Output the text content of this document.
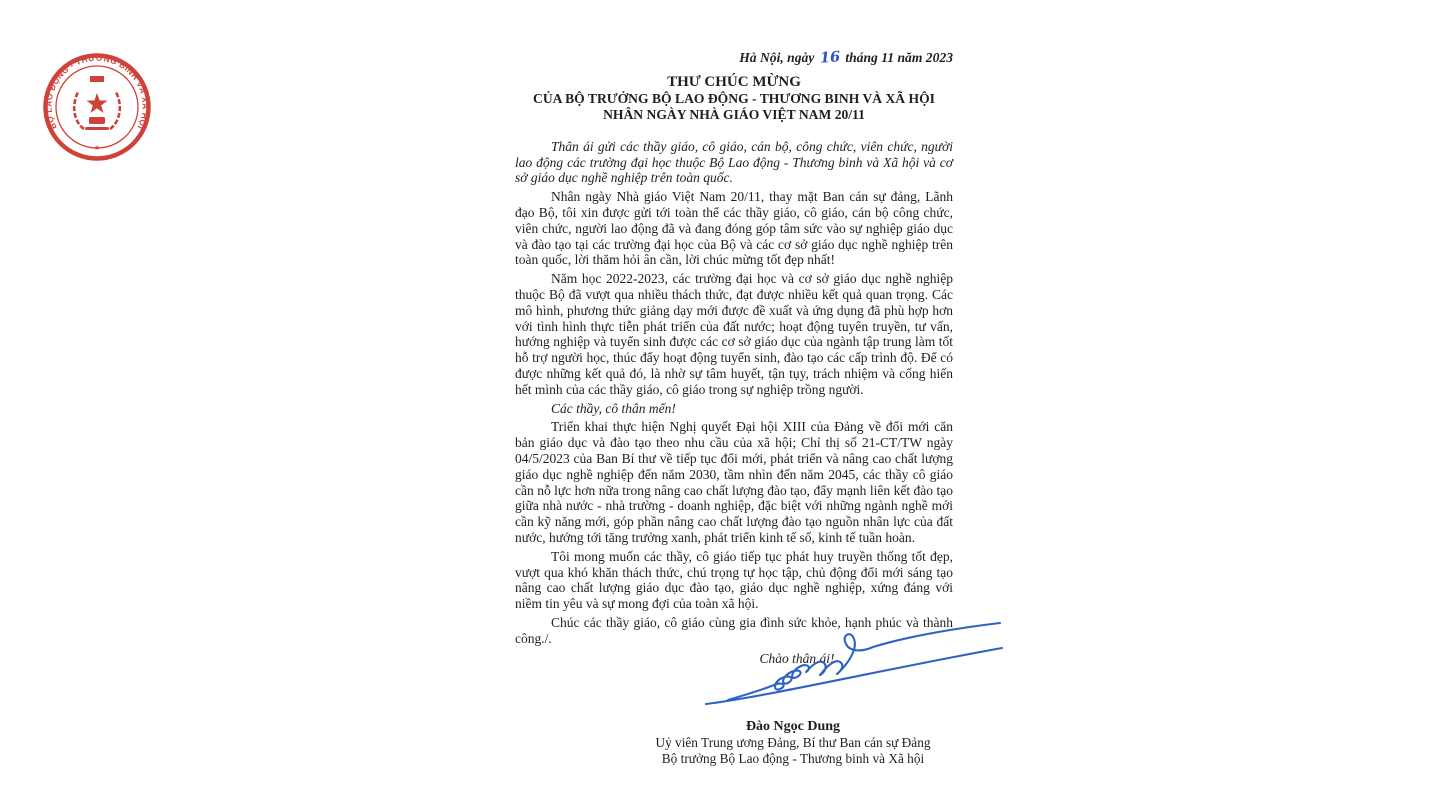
Hà Nội, ngày 16 tháng 11 năm 2023
THƯ CHÚC MỪNG
CỦA BỘ TRƯỞNG BỘ LAO ĐỘNG - THƯƠNG BINH VÀ XÃ HỘI
NHÂN NGÀY NHÀ GIÁO VIỆT NAM 20/11

Thân ái gửi các thầy giáo, cô giáo, cán bộ, công chức, viên chức, người lao động các trường đại học thuộc Bộ Lao động - Thương binh và Xã hội và cơ sở giáo dục nghề nghiệp trên toàn quốc.

Nhân ngày Nhà giáo Việt Nam 20/11, thay mặt Ban cán sự đảng, Lãnh đạo Bộ, tôi xin được gửi tới toàn thể các thầy giáo, cô giáo, cán bộ công chức, viên chức, người lao động đã và đang đóng góp tâm sức vào sự nghiệp giáo dục và đào tạo tại các trường đại học của Bộ và các cơ sở giáo dục nghề nghiệp trên toàn quốc, lời thăm hỏi ân cần, lời chúc mừng tốt đẹp nhất!

Năm học 2022-2023, các trường đại học và cơ sở giáo dục nghề nghiệp thuộc Bộ đã vượt qua nhiều thách thức, đạt được nhiều kết quả quan trọng. Các mô hình, phương thức giảng dạy mới được đề xuất và ứng dụng đã phù hợp hơn với tình hình thực tiễn phát triển của đất nước; hoạt động tuyên truyền, tư vấn, hướng nghiệp và tuyển sinh được các cơ sở giáo dục của ngành tập trung làm tốt hỗ trợ người học, thúc đẩy hoạt động tuyển sinh, đào tạo các cấp trình độ. Để có được những kết quả đó, là nhờ sự tâm huyết, tận tụy, trách nhiệm và cống hiến hết mình của các thầy giáo, cô giáo trong sự nghiệp trồng người.

Các thầy, cô thân mến!

Triển khai thực hiện Nghị quyết Đại hội XIII của Đảng về đổi mới căn bản giáo dục và đào tạo theo nhu cầu của xã hội; Chỉ thị số 21-CT/TW ngày 04/5/2023 của Ban Bí thư về tiếp tục đổi mới, phát triển và nâng cao chất lượng giáo dục nghề nghiệp đến năm 2030, tầm nhìn đến năm 2045, các thầy cô giáo cần nỗ lực hơn nữa trong nâng cao chất lượng đào tạo, đẩy mạnh liên kết đào tạo giữa nhà nước - nhà trường - doanh nghiệp, đặc biệt với những ngành nghề mới cần kỹ năng mới, góp phần nâng cao chất lượng đào tạo nguồn nhân lực của đất nước, hướng tới tăng trưởng xanh, phát triển kinh tế số, kinh tế tuần hoàn.

Tôi mong muốn các thầy, cô giáo tiếp tục phát huy truyền thống tốt đẹp, vượt qua khó khăn thách thức, chú trọng tự học tập, chủ động đổi mới sáng tạo nâng cao chất lượng giáo dục đào tạo, giáo dục nghề nghiệp, xứng đáng với niềm tin yêu và sự mong đợi của toàn xã hội.

Chúc các thầy giáo, cô giáo cùng gia đình sức khỏe, hạnh phúc và thành công./.

Chào thân ái!
Đào Ngọc Dung
Uỷ viên Trung ương Đảng, Bí thư Ban cán sự Đảng
Bộ trưởng Bộ Lao động - Thương binh và Xã hội
BỘ LAO ĐỘNG - THƯƠNG BINH VÀ XÃ HỘI
★
